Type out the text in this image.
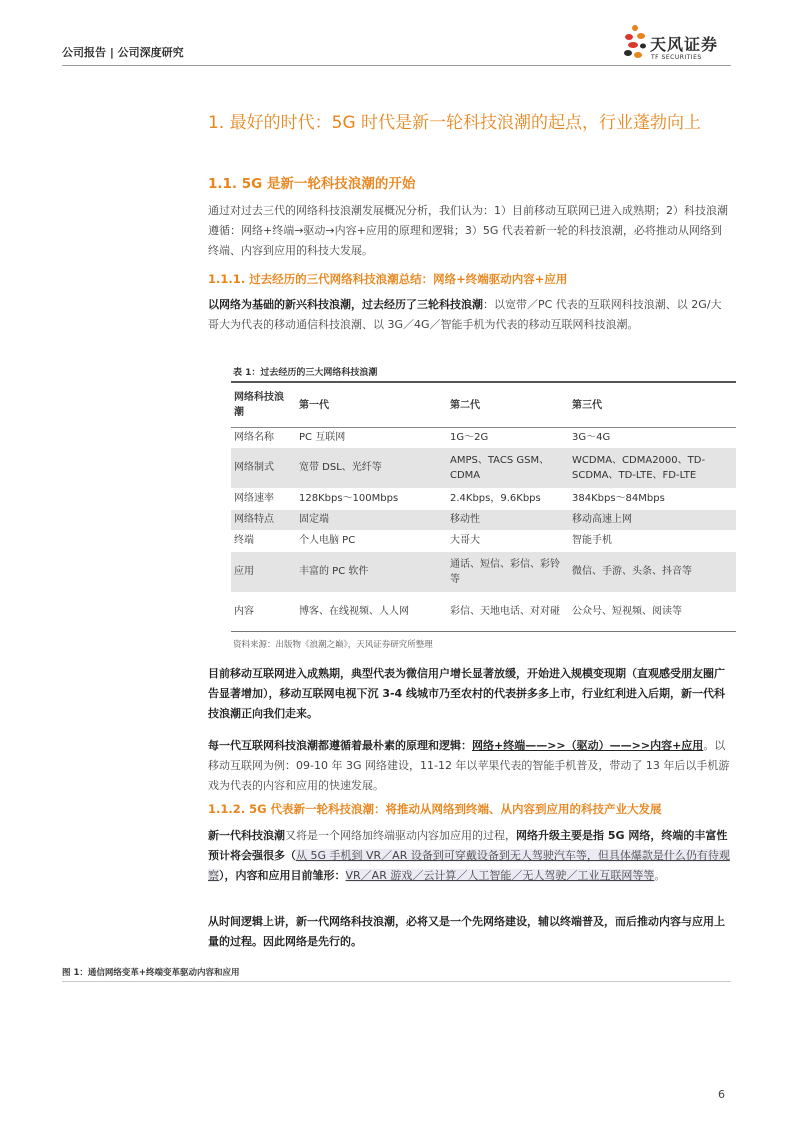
公司报告 | 公司深度研究	天风证券
TF SECURITIES
1. 最好的时代：5G 时代是新一轮科技浪潮的起点，行业蓬勃向上
1.1. 5G 是新一轮科技浪潮的开始
通过对过去三代的网络科技浪潮发展概况分析，我们认为：1）目前移动互联网已进入成熟期；2）科技浪潮遵循：网络+终端→驱动→内容+应用的原理和逻辑；3）5G 代表着新一轮的科技浪潮，必将推动从网络到终端、内容到应用的科技大发展。
1.1.1. 过去经历的三代网络科技浪潮总结：网络+终端驱动内容+应用
以网络为基础的新兴科技浪潮，过去经历了三轮科技浪潮：以宽带／PC 代表的互联网科技浪潮、以 2G/大哥大为代表的移动通信科技浪潮、以 3G／4G／智能手机为代表的移动互联网科技浪潮。
表 1：过去经历的三大网络科技浪潮
网络科技浪潮	第一代	第二代	第三代
网络名称	PC 互联网	1G～2G	3G～4G
网络制式	宽带 DSL、光纤等	AMPS、TACS GSM、CDMA	WCDMA、CDMA2000、TD-SCDMA、TD-LTE、FD-LTE
网络速率	128Kbps～100Mbps	2.4Kbps，9.6Kbps	384Kbps～84Mbps
网络特点	固定端	移动性	移动高速上网
终端	个人电脑 PC	大哥大	智能手机
应用	丰富的 PC 软件	通话、短信、彩信、彩铃等	微信、手游、头条、抖音等
内容	博客、在线视频、人人网	彩信、天地电话、对对碰	公众号、短视频、阅读等
资料来源：出版物《浪潮之巅》，天风证券研究所整理
目前移动互联网进入成熟期，典型代表为微信用户增长显著放缓，开始进入规模变现期（直观感受朋友圈广告显著增加），移动互联网电视下沉 3-4 线城市乃至农村的代表拼多多上市，行业红利进入后期，新一代科技浪潮正向我们走来。
每一代互联网科技浪潮都遵循着最朴素的原理和逻辑：网络+终端——>>（驱动）——>>内容+应用。以移动互联网为例：09-10 年 3G 网络建设，11-12 年以苹果代表的智能手机普及，带动了 13 年后以手机游戏为代表的内容和应用的快速发展。
1.1.2. 5G 代表新一轮科技浪潮：将推动从网络到终端、从内容到应用的科技产业大发展
新一代科技浪潮又将是一个网络加终端驱动内容加应用的过程，网络升级主要是指 5G 网络，终端的丰富性预计将会强很多（从 5G 手机到 VR／AR 设备到可穿戴设备到无人驾驶汽车等，但具体爆款是什么仍有待观察），内容和应用目前雏形：VR／AR 游戏／云计算／人工智能／无人驾驶／工业互联网等等。
从时间逻辑上讲，新一代网络科技浪潮，必将又是一个先网络建设，辅以终端普及，而后推动内容与应用上量的过程。因此网络是先行的。
图 1：通信网络变革+终端变革驱动内容和应用
6
